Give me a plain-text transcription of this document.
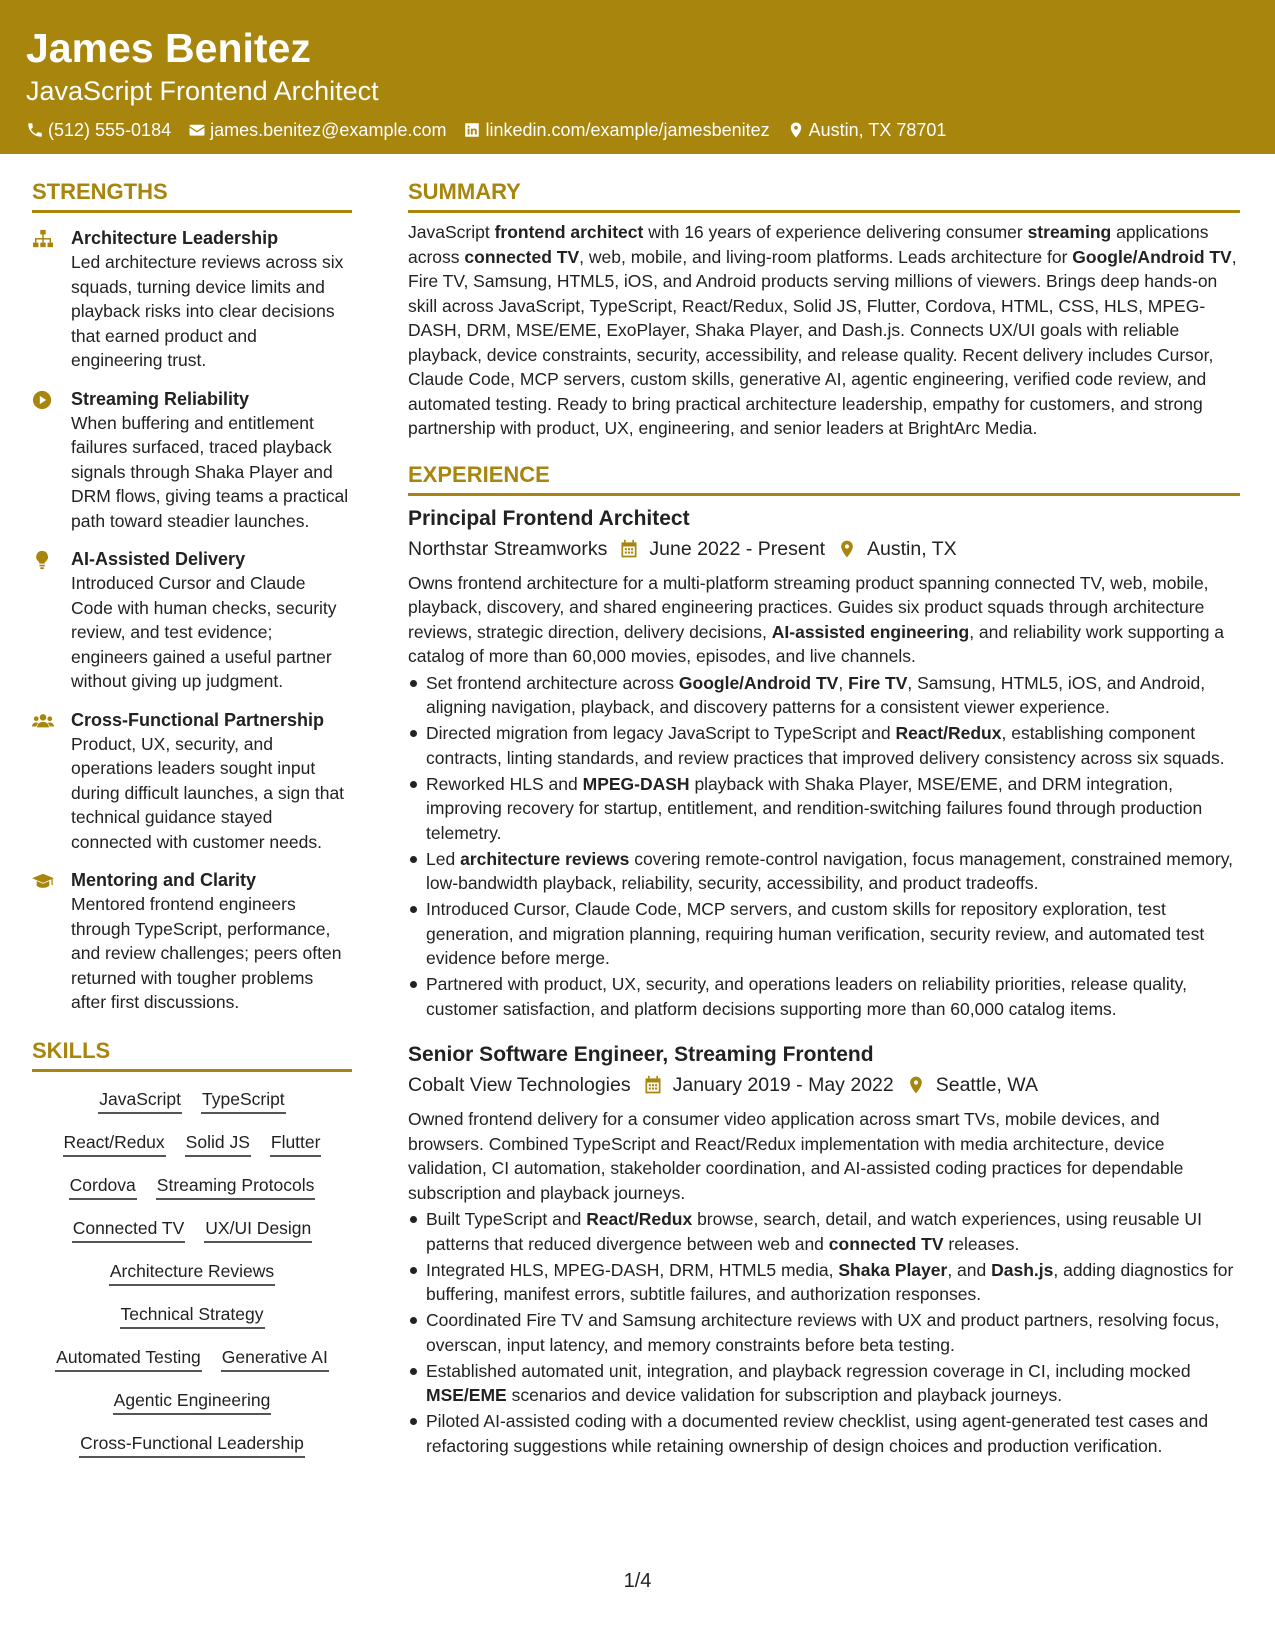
James Benitez
JavaScript Frontend Architect
(512) 555-0184 james.benitez@example.com linkedin.com/example/jamesbenitez Austin, TX 78701
STRENGTHS
Architecture Leadership
Led architecture reviews across six squads, turning device limits and playback risks into clear decisions that earned product and engineering trust.
Streaming Reliability
When buffering and entitlement failures surfaced, traced playback signals through Shaka Player and DRM flows, giving teams a practical path toward steadier launches.
AI-Assisted Delivery
Introduced Cursor and Claude Code with human checks, security review, and test evidence; engineers gained a useful partner without giving up judgment.
Cross-Functional Partnership
Product, UX, security, and operations leaders sought input during difficult launches, a sign that technical guidance stayed connected with customer needs.
Mentoring and Clarity
Mentored frontend engineers through TypeScript, performance, and review challenges; peers often returned with tougher problems after first discussions.
SKILLS
JavaScript TypeScript
React/Redux Solid JS Flutter
Cordova Streaming Protocols
Connected TV UX/UI Design
Architecture Reviews
Technical Strategy
Automated Testing Generative AI
Agentic Engineering
Cross-Functional Leadership
SUMMARY
JavaScript frontend architect with 16 years of experience delivering consumer streaming applications across connected TV, web, mobile, and living-room platforms. Leads architecture for Google/Android TV, Fire TV, Samsung, HTML5, iOS, and Android products serving millions of viewers. Brings deep hands-on skill across JavaScript, TypeScript, React/Redux, Solid JS, Flutter, Cordova, HTML, CSS, HLS, MPEG-DASH, DRM, MSE/EME, ExoPlayer, Shaka Player, and Dash.js. Connects UX/UI goals with reliable playback, device constraints, security, accessibility, and release quality. Recent delivery includes Cursor, Claude Code, MCP servers, custom skills, generative AI, agentic engineering, verified code review, and automated testing. Ready to bring practical architecture leadership, empathy for customers, and strong partnership with product, UX, engineering, and senior leaders at BrightArc Media.
EXPERIENCE
Principal Frontend Architect
Northstar Streamworks June 2022 - Present Austin, TX
Owns frontend architecture for a multi-platform streaming product spanning connected TV, web, mobile, playback, discovery, and shared engineering practices. Guides six product squads through architecture reviews, strategic direction, delivery decisions, AI-assisted engineering, and reliability work supporting a catalog of more than 60,000 movies, episodes, and live channels.
Set frontend architecture across Google/Android TV, Fire TV, Samsung, HTML5, iOS, and Android, aligning navigation, playback, and discovery patterns for a consistent viewer experience.
Directed migration from legacy JavaScript to TypeScript and React/Redux, establishing component contracts, linting standards, and review practices that improved delivery consistency across six squads.
Reworked HLS and MPEG-DASH playback with Shaka Player, MSE/EME, and DRM integration, improving recovery for startup, entitlement, and rendition-switching failures found through production telemetry.
Led architecture reviews covering remote-control navigation, focus management, constrained memory, low-bandwidth playback, reliability, security, accessibility, and product tradeoffs.
Introduced Cursor, Claude Code, MCP servers, and custom skills for repository exploration, test generation, and migration planning, requiring human verification, security review, and automated test evidence before merge.
Partnered with product, UX, security, and operations leaders on reliability priorities, release quality, customer satisfaction, and platform decisions supporting more than 60,000 catalog items.
Senior Software Engineer, Streaming Frontend
Cobalt View Technologies January 2019 - May 2022 Seattle, WA
Owned frontend delivery for a consumer video application across smart TVs, mobile devices, and browsers. Combined TypeScript and React/Redux implementation with media architecture, device validation, CI automation, stakeholder coordination, and AI-assisted coding practices for dependable subscription and playback journeys.
Built TypeScript and React/Redux browse, search, detail, and watch experiences, using reusable UI patterns that reduced divergence between web and connected TV releases.
Integrated HLS, MPEG-DASH, DRM, HTML5 media, Shaka Player, and Dash.js, adding diagnostics for buffering, manifest errors, subtitle failures, and authorization responses.
Coordinated Fire TV and Samsung architecture reviews with UX and product partners, resolving focus, overscan, input latency, and memory constraints before beta testing.
Established automated unit, integration, and playback regression coverage in CI, including mocked MSE/EME scenarios and device validation for subscription and playback journeys.
Piloted AI-assisted coding with a documented review checklist, using agent-generated test cases and refactoring suggestions while retaining ownership of design choices and production verification.
1/4
